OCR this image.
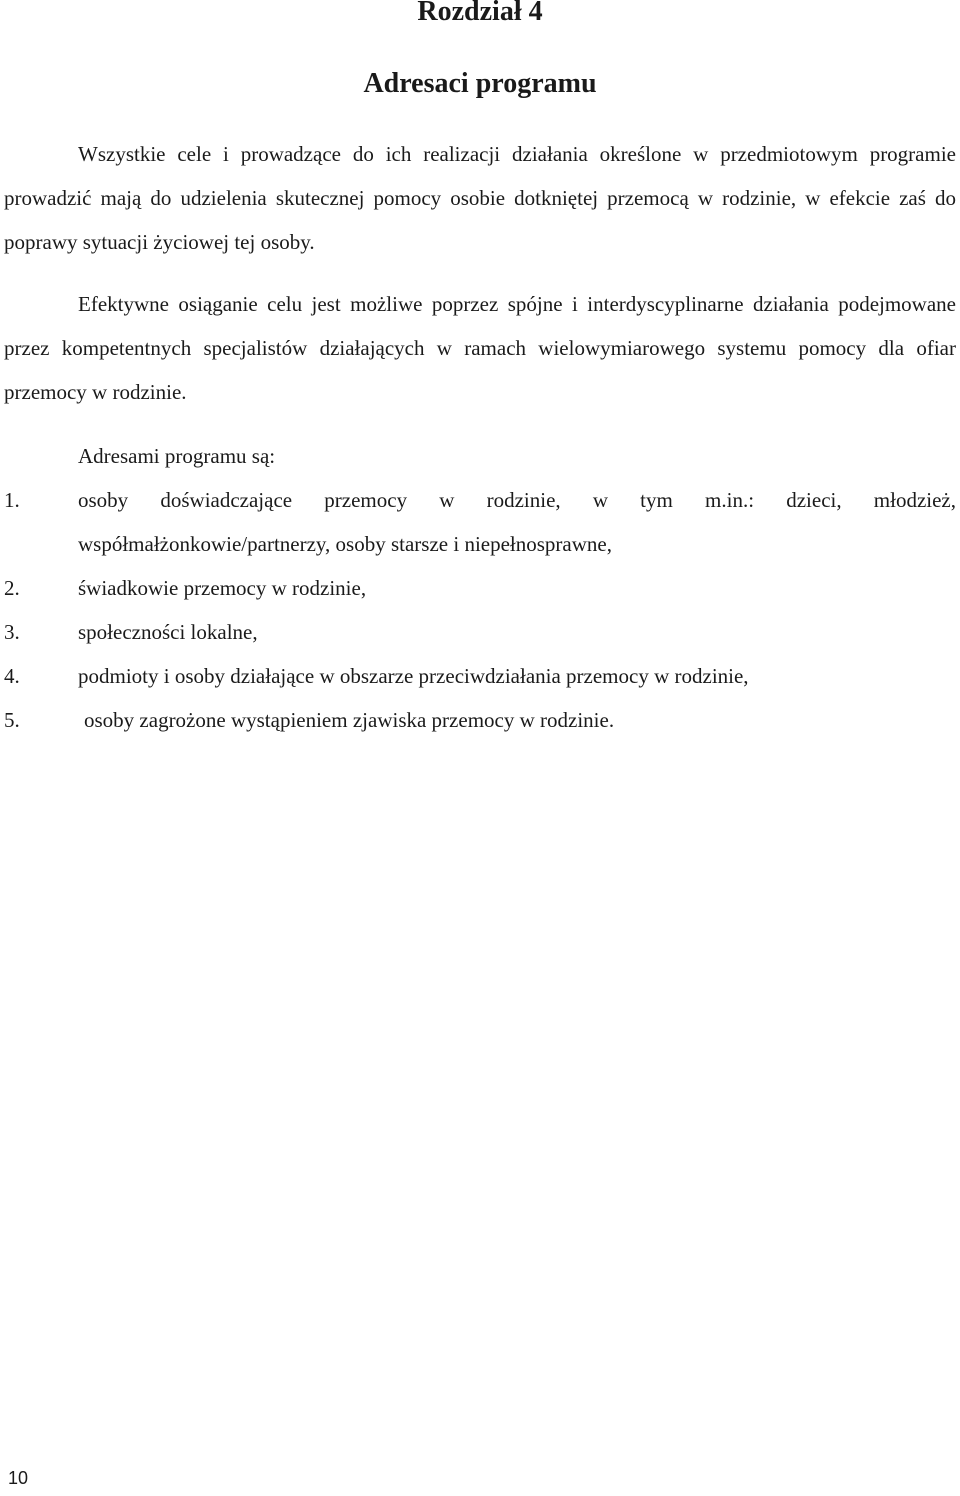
Rozdział 4
Adresaci programu

Wszystkie cele i prowadzące do ich realizacji działania określone w przedmiotowym programie prowadzić mają do udzielenia skutecznej pomocy osobie dotkniętej przemocą w rodzinie, w efekcie zaś do poprawy sytuacji życiowej tej osoby.

Efektywne osiąganie celu jest możliwe poprzez spójne i interdyscyplinarne działania podejmowane przez kompetentnych specjalistów działających w ramach wielowymiarowego systemu pomocy dla ofiar przemocy w rodzinie.

Adresami programu są:

1.	osoby doświadczające przemocy w rodzinie, w tym m.in.: dzieci, młodzież, współmałżonkowie/partnerzy, osoby starsze i niepełnosprawne,
2.	świadkowie przemocy w rodzinie,
3.	społeczności lokalne,
4.	podmioty i osoby działające w obszarze przeciwdziałania przemocy w rodzinie,
5.	osoby zagrożone wystąpieniem zjawiska przemocy w rodzinie.
10
